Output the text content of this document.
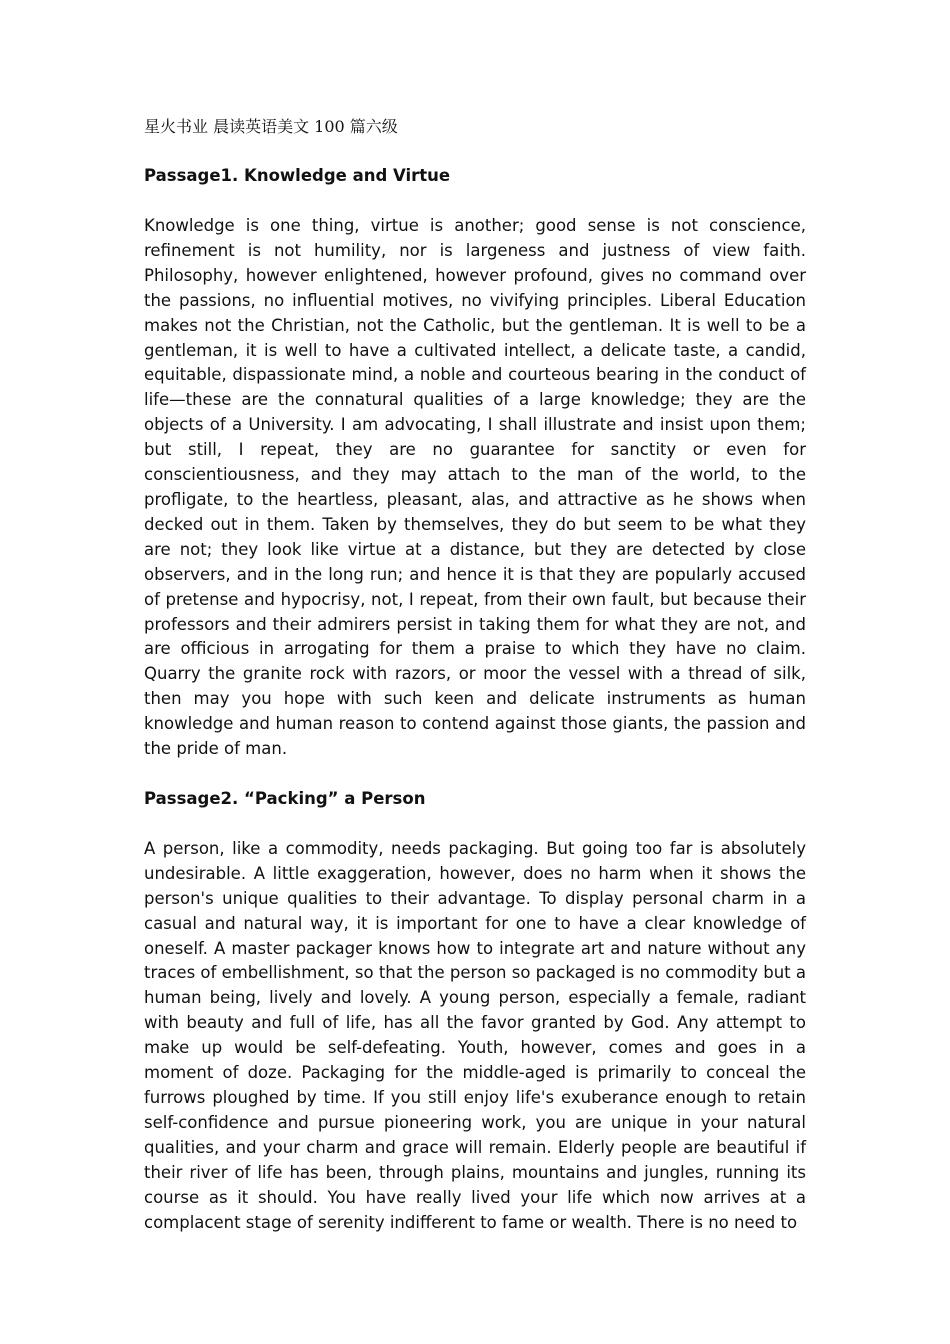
星火书业 晨读英语美文 100 篇六级
Passage1. Knowledge and Virtue

Knowledge is one thing, virtue is another; good sense is not conscience, refinement is not humility, nor is largeness and justness of view faith. Philosophy, however enlightened, however profound, gives no command over the passions, no influential motives, no vivifying principles. Liberal Education makes not the Christian, not the Catholic, but the gentleman. It is well to be a gentleman, it is well to have a cultivated intellect, a delicate taste, a candid, equitable, dispassionate mind, a noble and courteous bearing in the conduct of life—these are the connatural qualities of a large knowledge; they are the objects of a University. I am advocating, I shall illustrate and insist upon them; but still, I repeat, they are no guarantee for sanctity or even for conscientiousness, and they may attach to the man of the world, to the profligate, to the heartless, pleasant, alas, and attractive as he shows when decked out in them. Taken by themselves, they do but seem to be what they are not; they look like virtue at a distance, but they are detected by close observers, and in the long run; and hence it is that they are popularly accused of pretense and hypocrisy, not, I repeat, from their own fault, but because their professors and their admirers persist in taking them for what they are not, and are officious in arrogating for them a praise to which they have no claim. Quarry the granite rock with razors, or moor the vessel with a thread of silk, then may you hope with such keen and delicate instruments as human knowledge and human reason to contend against those giants, the passion and the pride of man.

Passage2. “Packing” a Person

A person, like a commodity, needs packaging. But going too far is absolutely undesirable. A little exaggeration, however, does no harm when it shows the person's unique qualities to their advantage. To display personal charm in a casual and natural way, it is important for one to have a clear knowledge of oneself. A master packager knows how to integrate art and nature without any traces of embellishment, so that the person so packaged is no commodity but a human being, lively and lovely. A young person, especially a female, radiant with beauty and full of life, has all the favor granted by God. Any attempt to make up would be self-defeating. Youth, however, comes and goes in a moment of doze. Packaging for the middle-aged is primarily to conceal the furrows ploughed by time. If you still enjoy life's exuberance enough to retain self-confidence and pursue pioneering work, you are unique in your natural qualities, and your charm and grace will remain. Elderly people are beautiful if their river of life has been, through plains, mountains and jungles, running its course as it should. You have really lived your life which now arrives at a complacent stage of serenity indifferent to fame or wealth. There is no need to
